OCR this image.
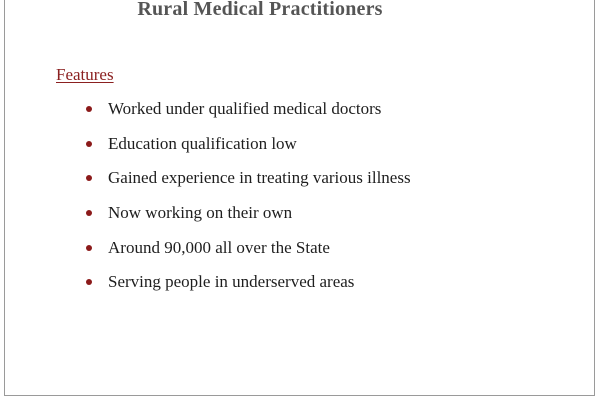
Rural Medical Practitioners
Features
Worked under qualified medical doctors
Education qualification low
Gained experience in treating various illness
Now working on their own
Around 90,000 all over the State
Serving people in underserved areas
